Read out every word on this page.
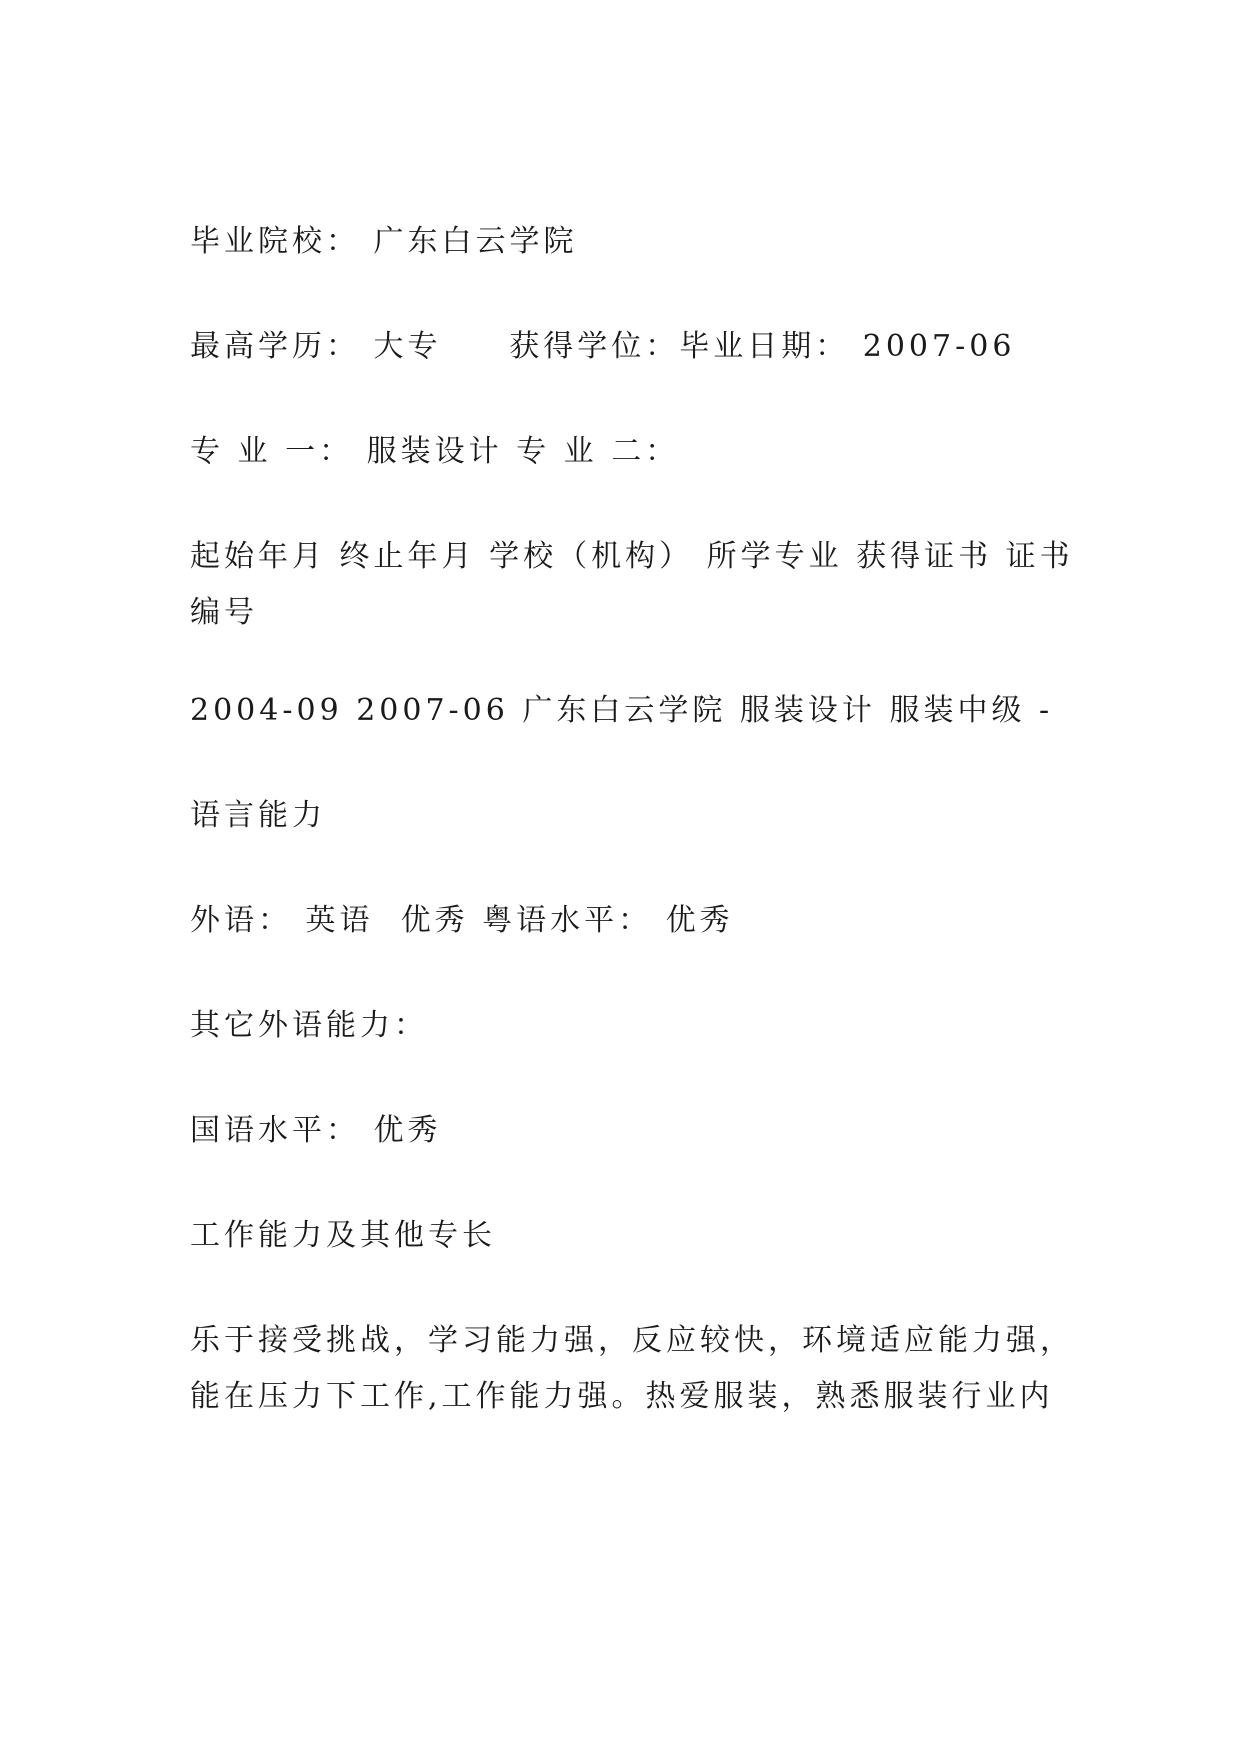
毕业院校： 广东白云学院
最高学历： 大专     获得学位：毕业日期： 2007-06
专 业 一： 服装设计 专 业 二：
起始年月 终止年月 学校（机构） 所学专业 获得证书 证书编号
2004-09 2007-06 广东白云学院 服装设计 服装中级 -
语言能力
外语： 英语  优秀 粤语水平： 优秀
其它外语能力：
国语水平： 优秀
工作能力及其他专长
乐于接受挑战，学习能力强，反应较快，环境适应能力强，能在压力下工作,工作能力强。热爱服装，熟悉服装行业内
